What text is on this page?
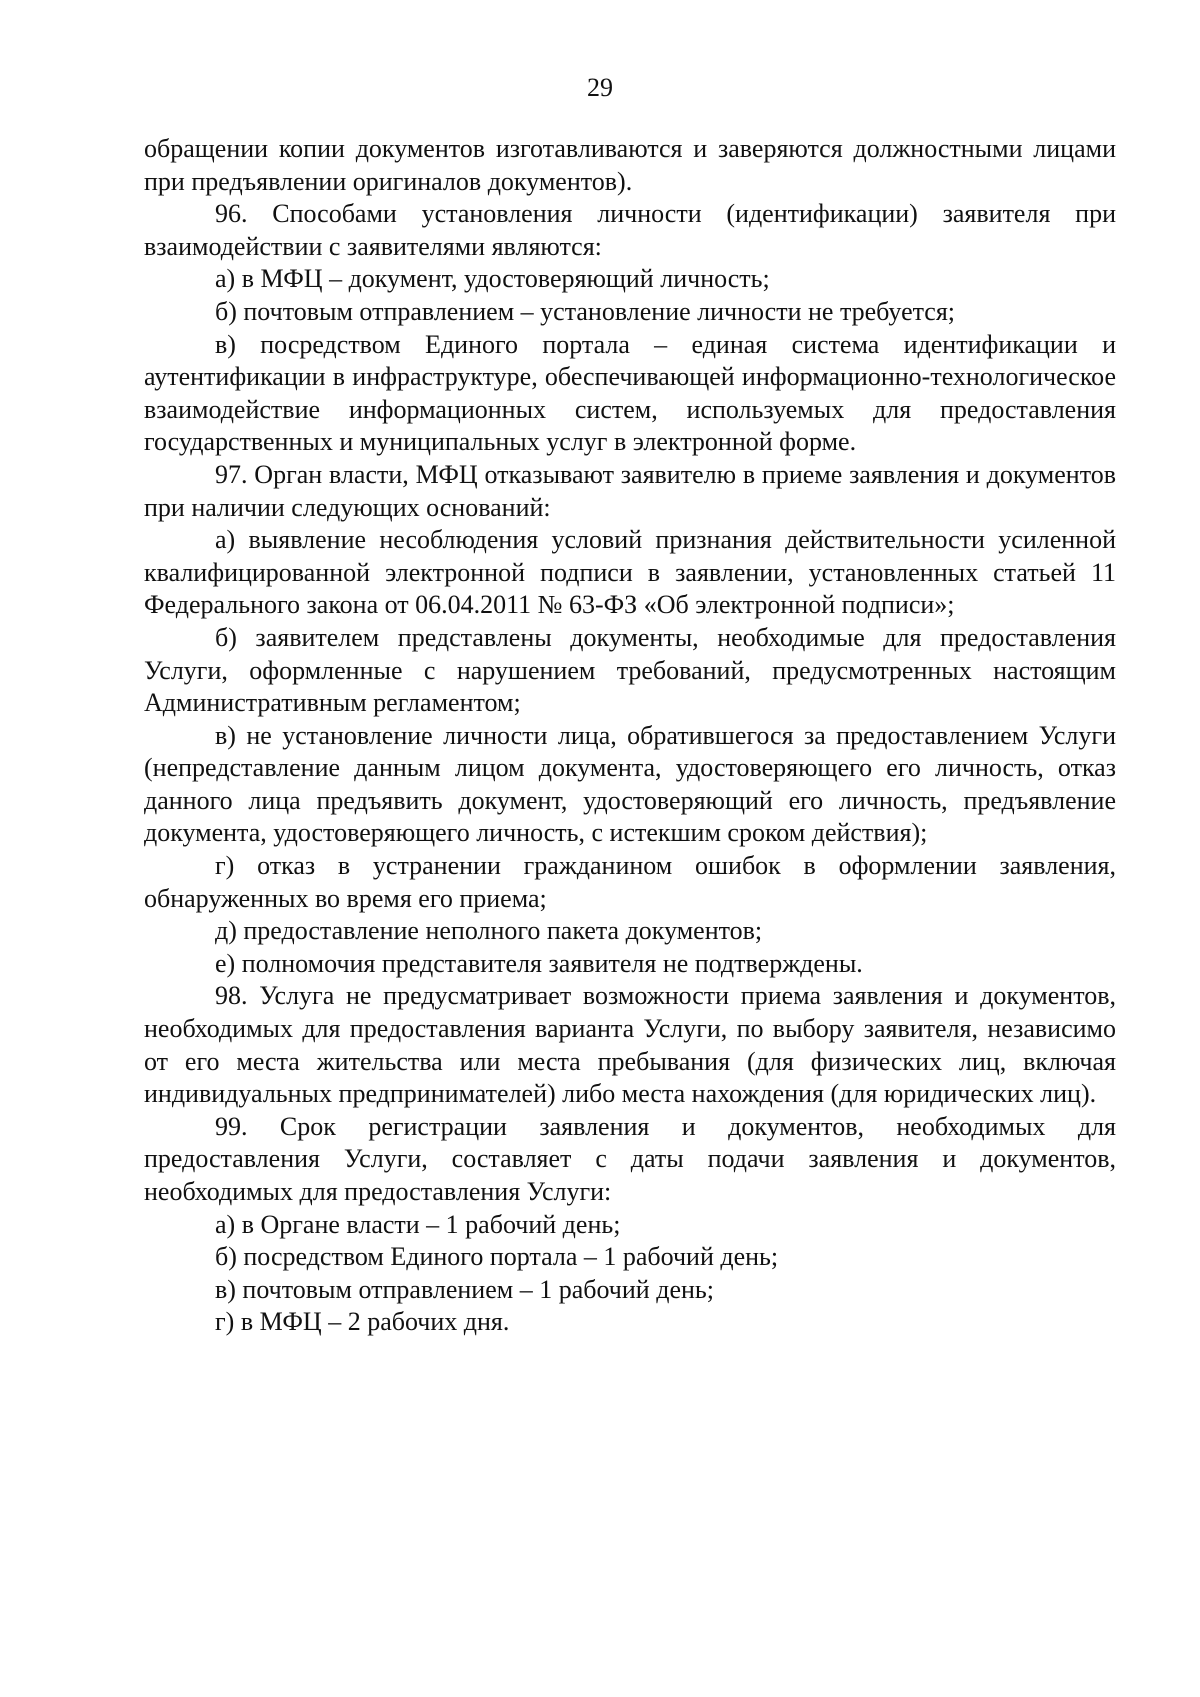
29

обращении копии документов изготавливаются и заверяются должностными лицами при предъявлении оригиналов документов).

96. Способами установления личности (идентификации) заявителя при взаимодействии с заявителями являются:

а) в МФЦ – документ, удостоверяющий личность;

б) почтовым отправлением – установление личности не требуется;

в) посредством Единого портала – единая система идентификации и аутентификации в инфраструктуре, обеспечивающей информационно-технологическое взаимодействие информационных систем, используемых для предоставления государственных и муниципальных услуг в электронной форме.

97. Орган власти, МФЦ отказывают заявителю в приеме заявления и документов при наличии следующих оснований:

а) выявление несоблюдения условий признания действительности усиленной квалифицированной электронной подписи в заявлении, установленных статьей 11 Федерального закона от 06.04.2011 № 63-ФЗ «Об электронной подписи»;

б) заявителем представлены документы, необходимые для предоставления Услуги, оформленные с нарушением требований, предусмотренных настоящим Административным регламентом;

в) не установление личности лица, обратившегося за предоставлением Услуги (непредставление данным лицом документа, удостоверяющего его личность, отказ данного лица предъявить документ, удостоверяющий его личность, предъявление документа, удостоверяющего личность, с истекшим сроком действия);

г) отказ в устранении гражданином ошибок в оформлении заявления, обнаруженных во время его приема;

д) предоставление неполного пакета документов;

е) полномочия представителя заявителя не подтверждены.

98. Услуга не предусматривает возможности приема заявления и документов, необходимых для предоставления варианта Услуги, по выбору заявителя, независимо от его места жительства или места пребывания (для физических лиц, включая индивидуальных предпринимателей) либо места нахождения (для юридических лиц).

99. Срок регистрации заявления и документов, необходимых для предоставления Услуги, составляет с даты подачи заявления и документов, необходимых для предоставления Услуги:

а) в Органе власти – 1 рабочий день;

б) посредством Единого портала – 1 рабочий день;

в) почтовым отправлением – 1 рабочий день;

г) в МФЦ – 2 рабочих дня.
